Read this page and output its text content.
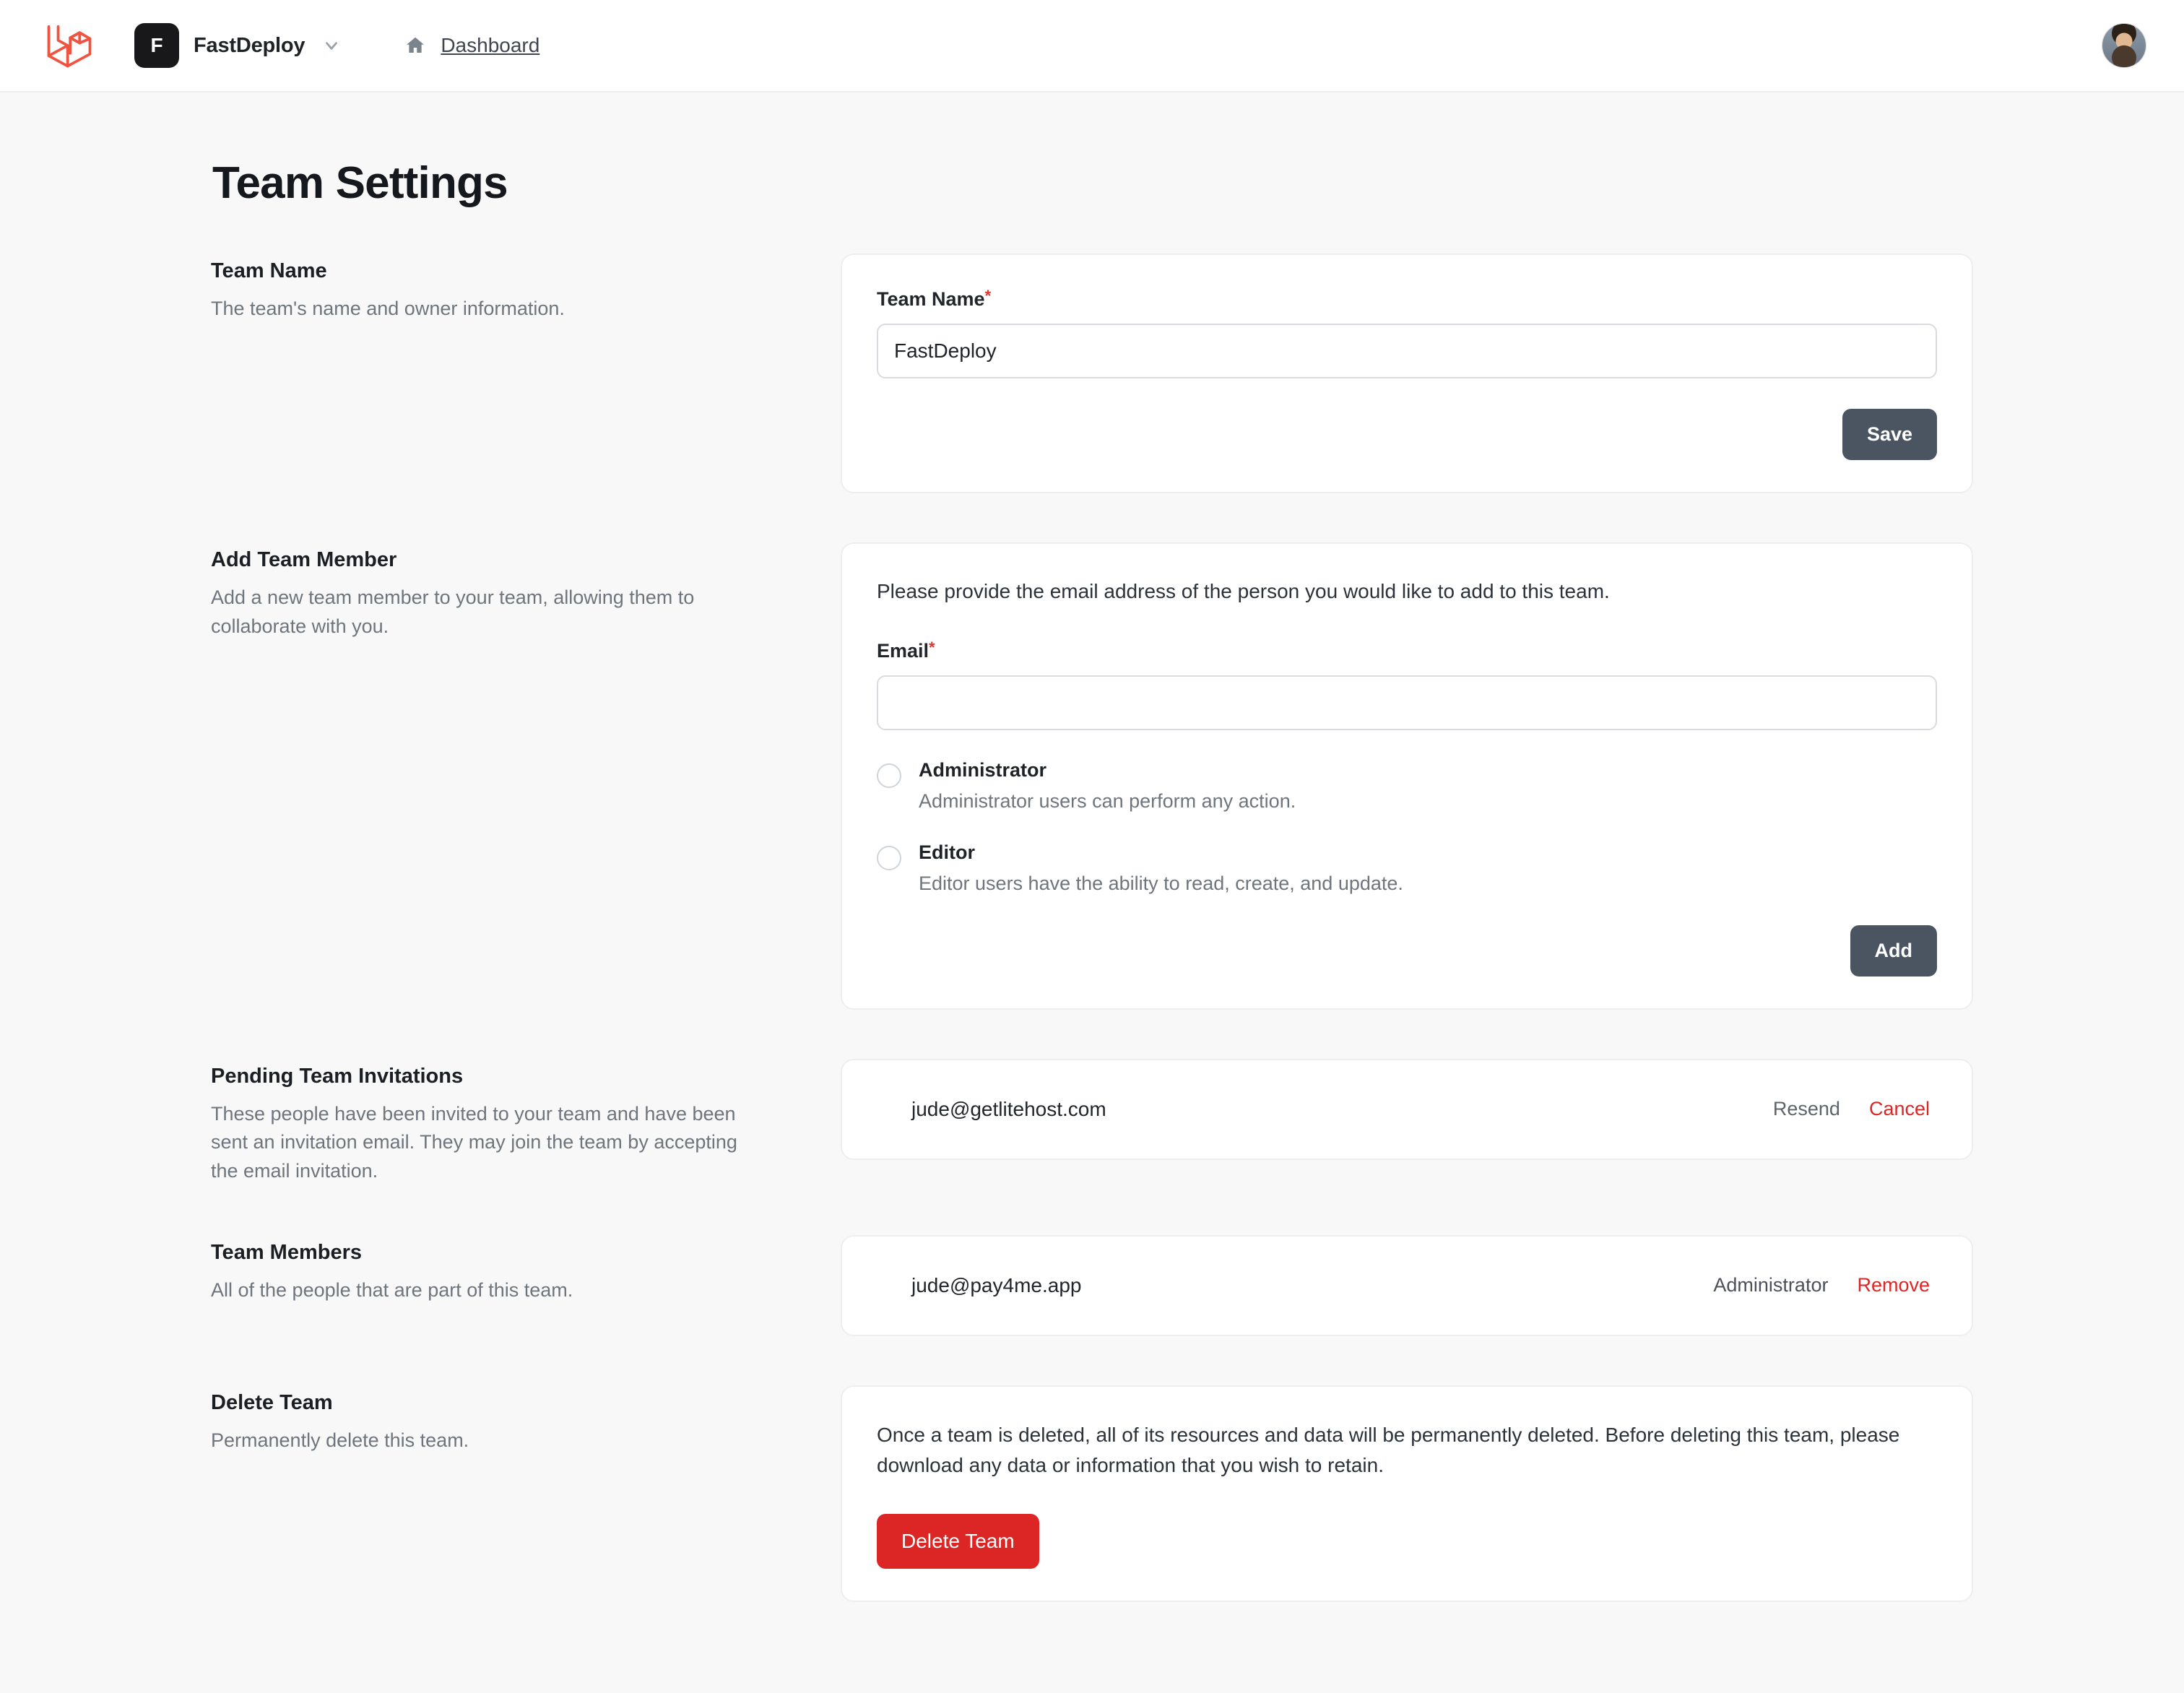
F	FastDeploy	Dashboard
Team Settings
Team Name
The team's name and owner information.	Team Name* FastDeploy
Save
Add Team Member
Add a new team member to your team, allowing them to collaborate with you.
Please provide the email address of the person you would like to add to this team.
Email*
Administrator
Administrator users can perform any action.
Editor
Editor users have the ability to read, create, and update.
Add
Pending Team Invitations
These people have been invited to your team and have been sent an invitation email. They may join the team by accepting the email invitation.
jude@getlitehost.com	Resend Cancel
Team Members
All of the people that are part of this team.	jude@pay4me.app	Administrator Remove
Delete Team
Permanently delete this team.	Once a team is deleted, all of its resources and data will be permanently deleted. Before deleting this team, please download any data or information that you wish to retain.
Delete Team
